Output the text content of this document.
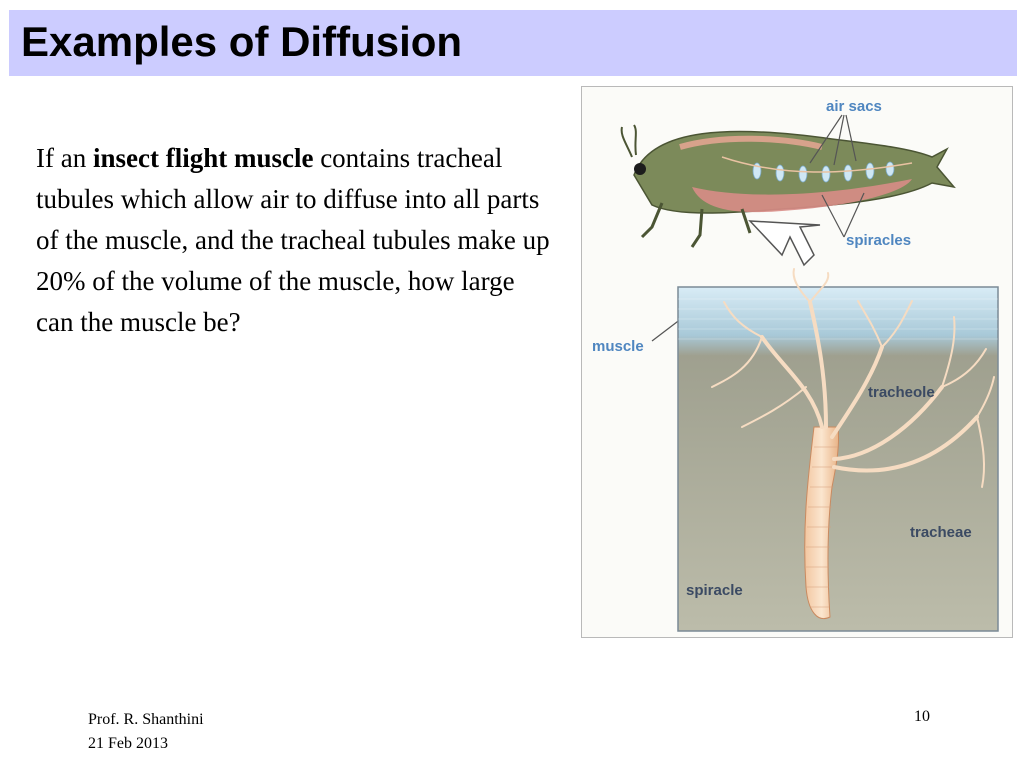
Examples of Diffusion
If an insect flight muscle contains tracheal tubules which allow air to diffuse into all parts of the muscle, and the tracheal tubules make up 20% of the volume of the muscle, how large can the muscle be?
air sacs
spiracles
muscle
tracheole
tracheae
spiracle
Prof. R. Shanthini
21 Feb 2013
10
